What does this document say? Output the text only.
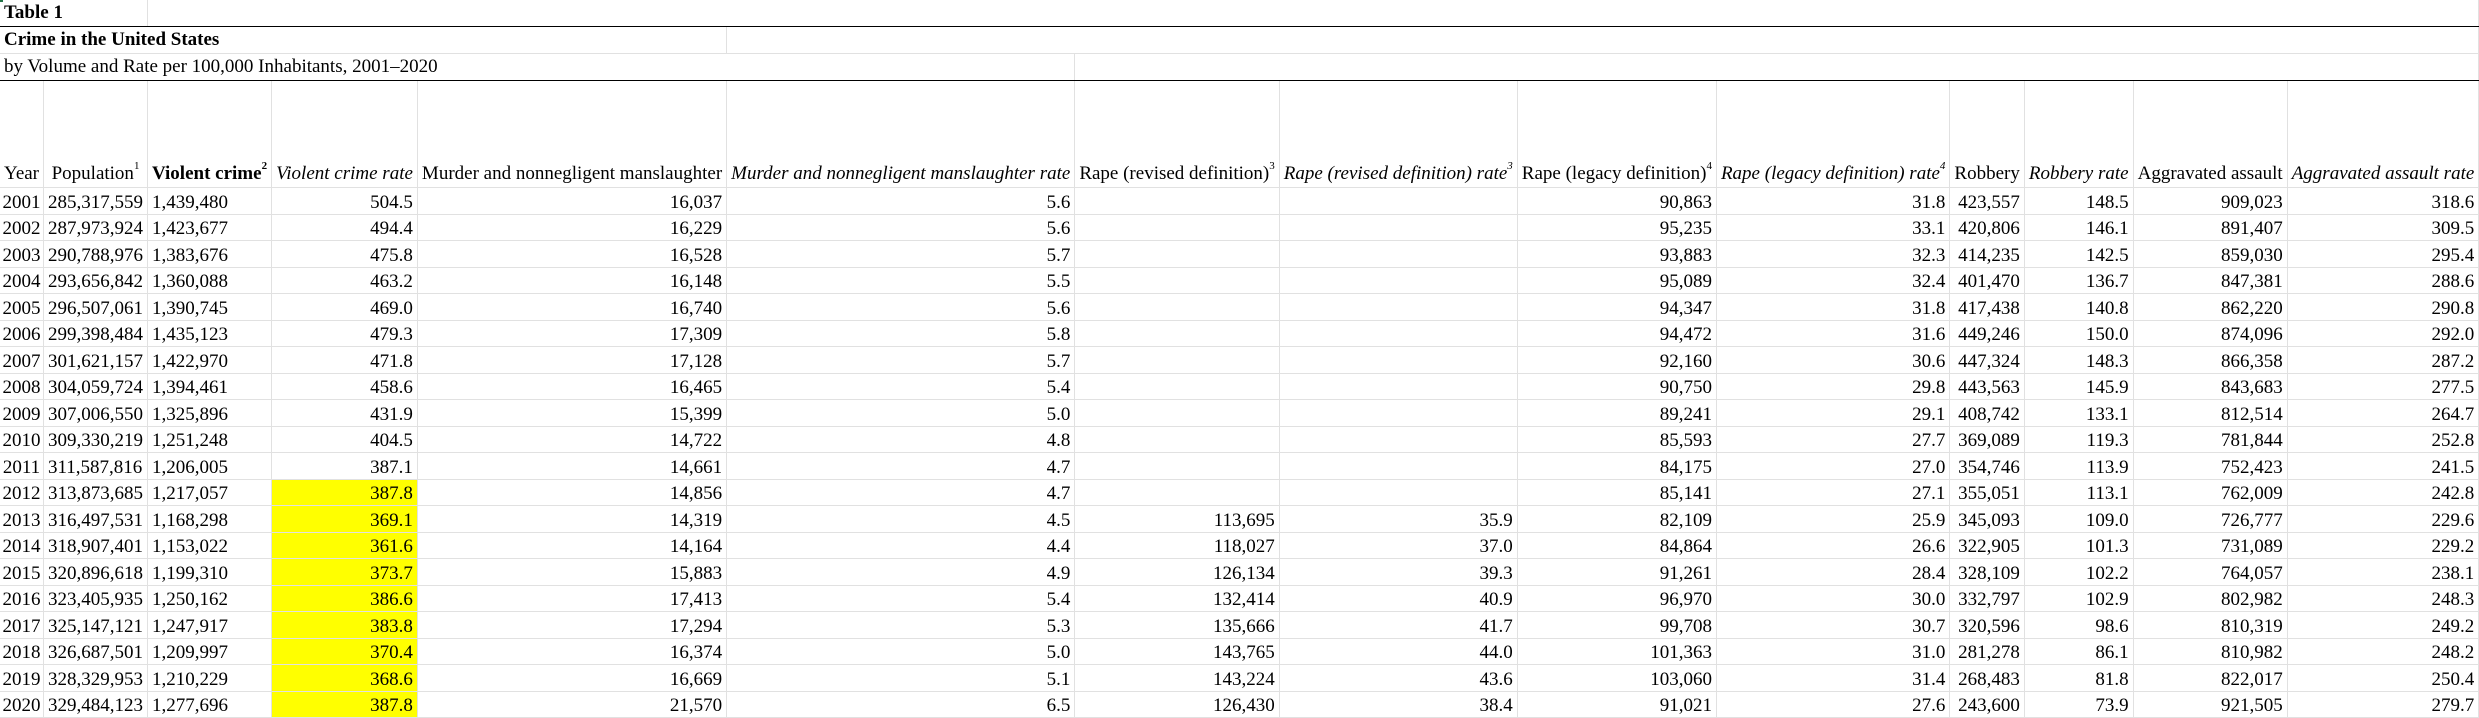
Table 1													
Crime in the United States													
by Volume and Rate per 100,000 Inhabitants, 2001–2020													
Year	Population$^1$	Violent crime$^2$	Violent crime rate	Murder and nonnegligent manslaughter	Murder and nonnegligent manslaughter rate	Rape (revised definition)$^3$	Rape (revised definition) rate$^3$	Rape (legacy definition)$^4$	Rape (legacy definition) rate$^4$	Robbery	Robbery rate	Aggravated assault	Aggravated assault rate
2001	285,317,559	1,439,480	504.5	16,037	5.6			90,863	31.8	423,557	148.5	909,023	318.6
2002	287,973,924	1,423,677	494.4	16,229	5.6			95,235	33.1	420,806	146.1	891,407	309.5
2003	290,788,976	1,383,676	475.8	16,528	5.7			93,883	32.3	414,235	142.5	859,030	295.4
2004	293,656,842	1,360,088	463.2	16,148	5.5			95,089	32.4	401,470	136.7	847,381	288.6
2005	296,507,061	1,390,745	469.0	16,740	5.6			94,347	31.8	417,438	140.8	862,220	290.8
2006	299,398,484	1,435,123	479.3	17,309	5.8			94,472	31.6	449,246	150.0	874,096	292.0
2007	301,621,157	1,422,970	471.8	17,128	5.7			92,160	30.6	447,324	148.3	866,358	287.2
2008	304,059,724	1,394,461	458.6	16,465	5.4			90,750	29.8	443,563	145.9	843,683	277.5
2009	307,006,550	1,325,896	431.9	15,399	5.0			89,241	29.1	408,742	133.1	812,514	264.7
2010	309,330,219	1,251,248	404.5	14,722	4.8			85,593	27.7	369,089	119.3	781,844	252.8
2011	311,587,816	1,206,005	387.1	14,661	4.7			84,175	27.0	354,746	113.9	752,423	241.5
2012	313,873,685	1,217,057	387.8	14,856	4.7			85,141	27.1	355,051	113.1	762,009	242.8
2013	316,497,531	1,168,298	369.1	14,319	4.5	113,695	35.9	82,109	25.9	345,093	109.0	726,777	229.6
2014	318,907,401	1,153,022	361.6	14,164	4.4	118,027	37.0	84,864	26.6	322,905	101.3	731,089	229.2
2015	320,896,618	1,199,310	373.7	15,883	4.9	126,134	39.3	91,261	28.4	328,109	102.2	764,057	238.1
2016	323,405,935	1,250,162	386.6	17,413	5.4	132,414	40.9	96,970	30.0	332,797	102.9	802,982	248.3
2017	325,147,121	1,247,917	383.8	17,294	5.3	135,666	41.7	99,708	30.7	320,596	98.6	810,319	249.2
2018	326,687,501	1,209,997	370.4	16,374	5.0	143,765	44.0	101,363	31.0	281,278	86.1	810,982	248.2
2019	328,329,953	1,210,229	368.6	16,669	5.1	143,224	43.6	103,060	31.4	268,483	81.8	822,017	250.4
2020	329,484,123	1,277,696	387.8	21,570	6.5	126,430	38.4	91,021	27.6	243,600	73.9	921,505	279.7
